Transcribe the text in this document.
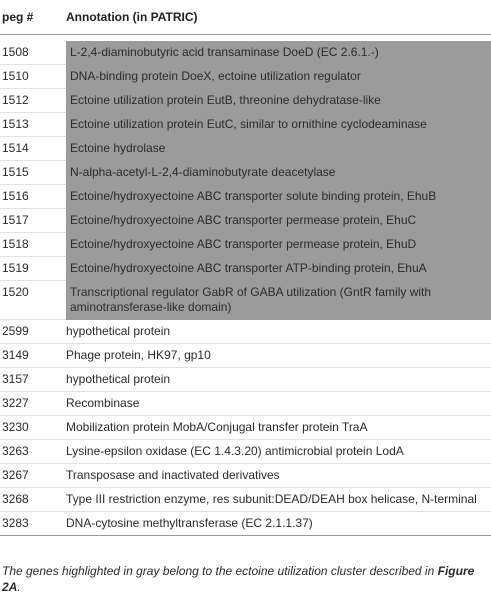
peg #	Annotation (in PATRIC)

1508	L-2,4-diaminobutyric acid transaminase DoeD (EC 2.6.1.-)
1510	DNA-binding protein DoeX, ectoine utilization regulator
1512	Ectoine utilization protein EutB, threonine dehydratase-like
1513	Ectoine utilization protein EutC, similar to ornithine cyclodeaminase
1514	Ectoine hydrolase
1515	N-alpha-acetyl-L-2,4-diaminobutyrate deacetylase
1516	Ectoine/hydroxyectoine ABC transporter solute binding protein, EhuB
1517	Ectoine/hydroxyectoine ABC transporter permease protein, EhuC
1518	Ectoine/hydroxyectoine ABC transporter permease protein, EhuD
1519	Ectoine/hydroxyectoine ABC transporter ATP-binding protein, EhuA
1520	Transcriptional regulator GabR of GABA utilization (GntR family with aminotransferase-like domain)
2599	hypothetical protein
3149	Phage protein, HK97, gp10
3157	hypothetical protein
3227	Recombinase
3230	Mobilization protein MobA/Conjugal transfer protein TraA
3263	Lysine-epsilon oxidase (EC 1.4.3.20) antimicrobial protein LodA
3267	Transposase and inactivated derivatives
3268	Type III restriction enzyme, res subunit:DEAD/DEAH box helicase, N-terminal
3283	DNA-cytosine methyltransferase (EC 2.1.1.37)
The genes highlighted in gray belong to the ectoine utilization cluster described in Figure 2A.
